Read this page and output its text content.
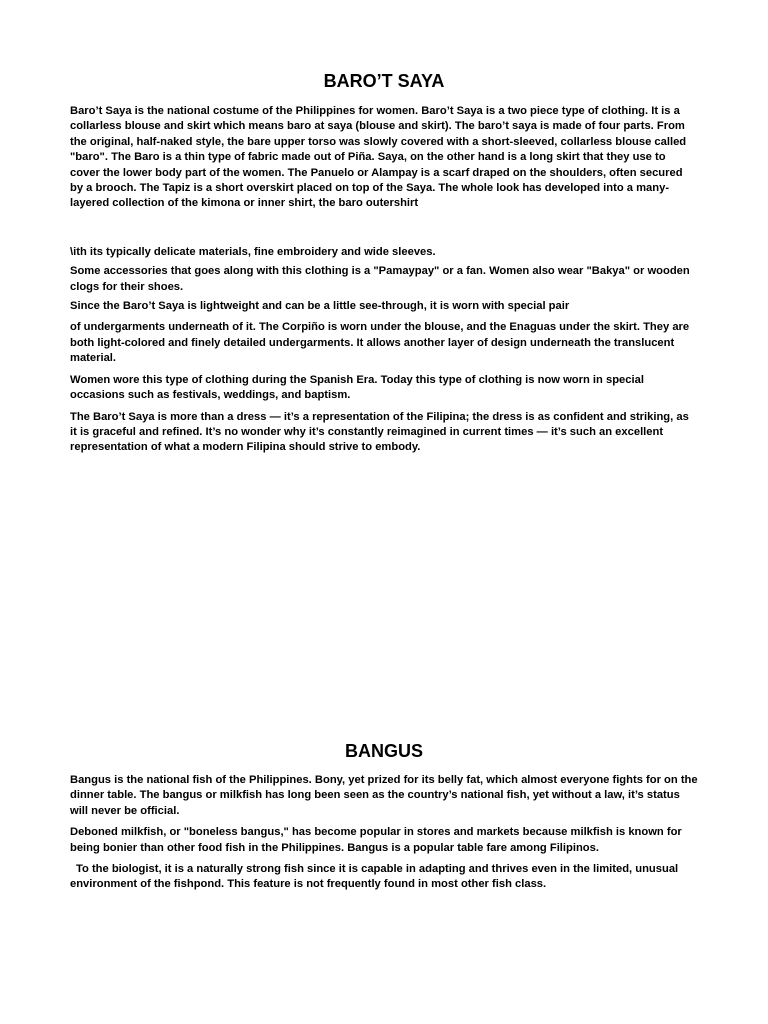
BARO’T SAYA

Baro’t Saya is the national costume of the Philippines for women. Baro’t Saya is a two piece type of clothing. It is a collarless blouse and skirt which means baro at saya (blouse and skirt). The baro’t saya is made of four parts. From the original, half-naked style, the bare upper torso was slowly covered with a short-sleeved, collarless blouse called "baro". The Baro is a thin type of fabric made out of Piña. Saya, on the other hand is a long skirt that they use to cover the lower body part of the women. The Panuelo or Alampay is a scarf draped on the shoulders, often secured by a brooch. The Tapiz is a short overskirt placed on top of the Saya. The whole look has developed into a many-layered collection of the kimona or inner shirt, the baro outershirt

\ith its typically delicate materials, fine embroidery and wide sleeves.

Some accessories that goes along with this clothing is a "Pamaypay" or a fan. Women also wear "Bakya" or wooden clogs for their shoes.

Since the Baro’t Saya is lightweight and can be a little see-through, it is worn with special pair

of undergarments underneath of it. The Corpiño is worn under the blouse, and the Enaguas under the skirt. They are both light-colored and finely detailed undergarments. It allows another layer of design underneath the translucent material.

Women wore this type of clothing during the Spanish Era. Today this type of clothing is now worn in special occasions such as festivals, weddings, and baptism.

The Baro’t Saya is more than a dress — it’s a representation of the Filipina; the dress is as confident and striking, as it is graceful and refined. It’s no wonder why it’s constantly reimagined in current times — it’s such an excellent representation of what a modern Filipina should strive to embody.

BANGUS

Bangus is the national fish of the Philippines. Bony, yet prized for its belly fat, which almost everyone fights for on the dinner table. The bangus or milkfish has long been seen as the country’s national fish, yet without a law, it’s status will never be official.

Deboned milkfish, or "boneless bangus," has become popular in stores and markets because milkfish is known for being bonier than other food fish in the Philippines. Bangus is a popular table fare among Filipinos.

To the biologist, it is a naturally strong fish since it is capable in adapting and thrives even in the limited, unusual environment of the fishpond. This feature is not frequently found in most other fish class.
